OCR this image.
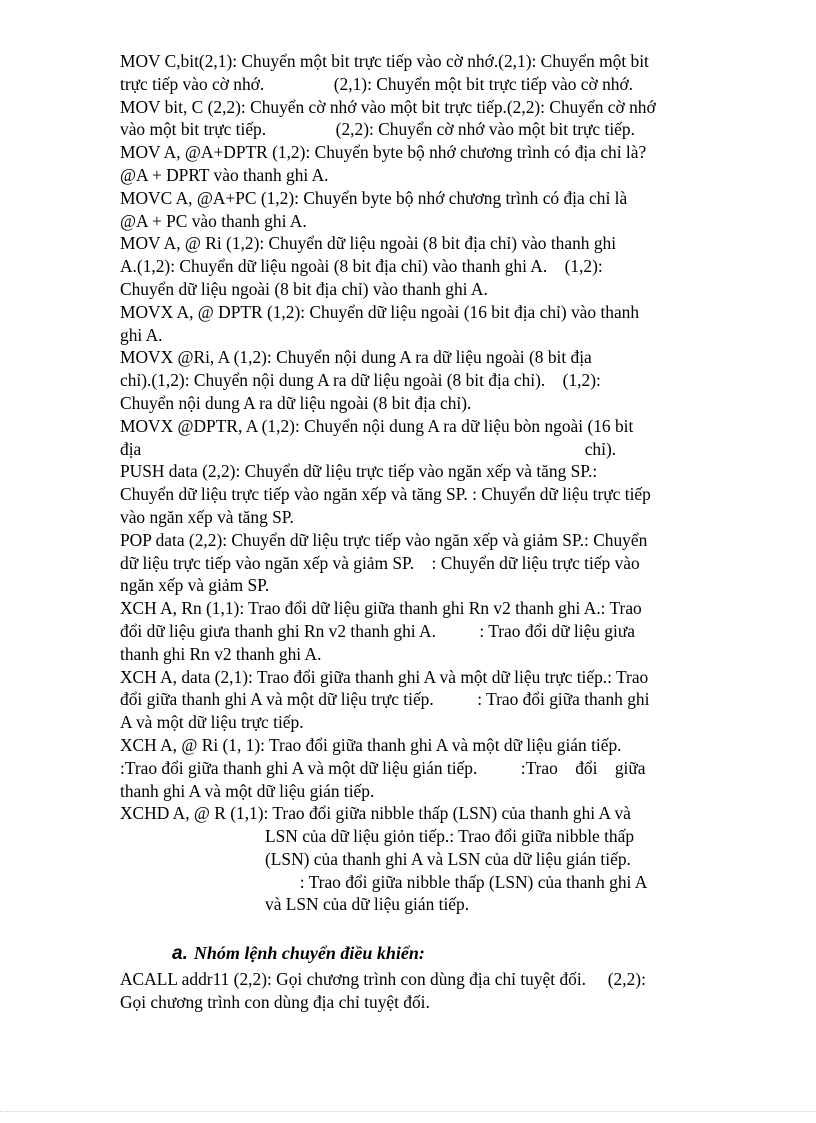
MOV C,bit(2,1): Chuyển một bit trực tiếp vào cờ nhớ.(2,1): Chuyển một bit
trực tiếp vào cờ nhớ.                (2,1): Chuyển một bit trực tiếp vào cờ nhớ.

MOV bit, C (2,2): Chuyển cờ nhớ vào một bit trực tiếp.(2,2): Chuyển cờ nhớ
vào một bit trực tiếp.                (2,2): Chuyển cờ nhớ vào một bit trực tiếp.

MOV A, @A+DPTR (1,2): Chuyển byte bộ nhớ chương trình có địa chỉ là?
@A + DPRT vào thanh ghi A.

MOVC A, @A+PC (1,2): Chuyển byte bộ nhớ chương trình có địa chỉ là
@A + PC vào thanh ghi A.

MOV A, @ Ri (1,2): Chuyển dữ liệu ngoài (8 bit địa chỉ) vào thanh ghi
A.(1,2): Chuyển dữ liệu ngoài (8 bit địa chỉ) vào thanh ghi A.    (1,2):
Chuyển dữ liệu ngoài (8 bit địa chỉ) vào thanh ghi A.

MOVX A, @ DPTR (1,2): Chuyển dữ liệu ngoài (16 bit địa chỉ) vào thanh
ghi A.

MOVX @Ri, A (1,2): Chuyển nội dung A ra dữ liệu ngoài (8 bit địa
chỉ).(1,2): Chuyển nội dung A ra dữ liệu ngoài (8 bit địa chỉ).    (1,2):
Chuyển nội dung A ra dữ liệu ngoài (8 bit địa chỉ).

MOVX @DPTR, A (1,2): Chuyển nội dung A ra dữ liệu bòn ngoài (16 bit
địa                                                                                                      chỉ).

PUSH data (2,2): Chuyển dữ liệu trực tiếp vào ngăn xếp và tăng SP.:
Chuyển dữ liệu trực tiếp vào ngăn xếp và tăng SP. : Chuyển dữ liệu trực tiếp
vào ngăn xếp và tăng SP.

POP data (2,2): Chuyển dữ liệu trực tiếp vào ngăn xếp và giảm SP.: Chuyển
dữ liệu trực tiếp vào ngăn xếp và giảm SP.    : Chuyển dữ liệu trực tiếp vào
ngăn xếp và giảm SP.

XCH A, Rn (1,1): Trao đổi dữ liệu giữa thanh ghi Rn v2 thanh ghi A.: Trao
đổi dữ liệu giưa thanh ghi Rn v2 thanh ghi A.          : Trao đổi dữ liệu giưa
thanh ghi Rn v2 thanh ghi A.

XCH A, data (2,1): Trao đổi giữa thanh ghi A và một dữ liệu trực tiếp.: Trao
đổi giữa thanh ghi A và một dữ liệu trực tiếp.          : Trao đổi giữa thanh ghi
A và một dữ liệu trực tiếp.

XCH A, @ Ri (1, 1): Trao đổi giữa thanh ghi A và một dữ liệu gián tiếp.
:Trao đổi giữa thanh ghi A và một dữ liệu gián tiếp.          :Trao    đổi    giữa
thanh ghi A và một dữ liệu gián tiếp.

XCHD A, @ R (1,1): Trao đổi giữa nibble thấp (LSN) của thanh ghi A và
LSN của dữ liệu giỏn tiếp.: Trao đổi giữa nibble thấp
(LSN) của thanh ghi A và LSN của dữ liệu gián tiếp.
: Trao đổi giữa nibble thấp (LSN) của thanh ghi A
và LSN của dữ liệu gián tiếp.

a. Nhóm lệnh chuyển điều khiển:

ACALL addr11 (2,2): Gọi chương trình con dùng địa chỉ tuyệt đối.     (2,2):
Gọi chương trình con dùng địa chỉ tuyệt đối.
